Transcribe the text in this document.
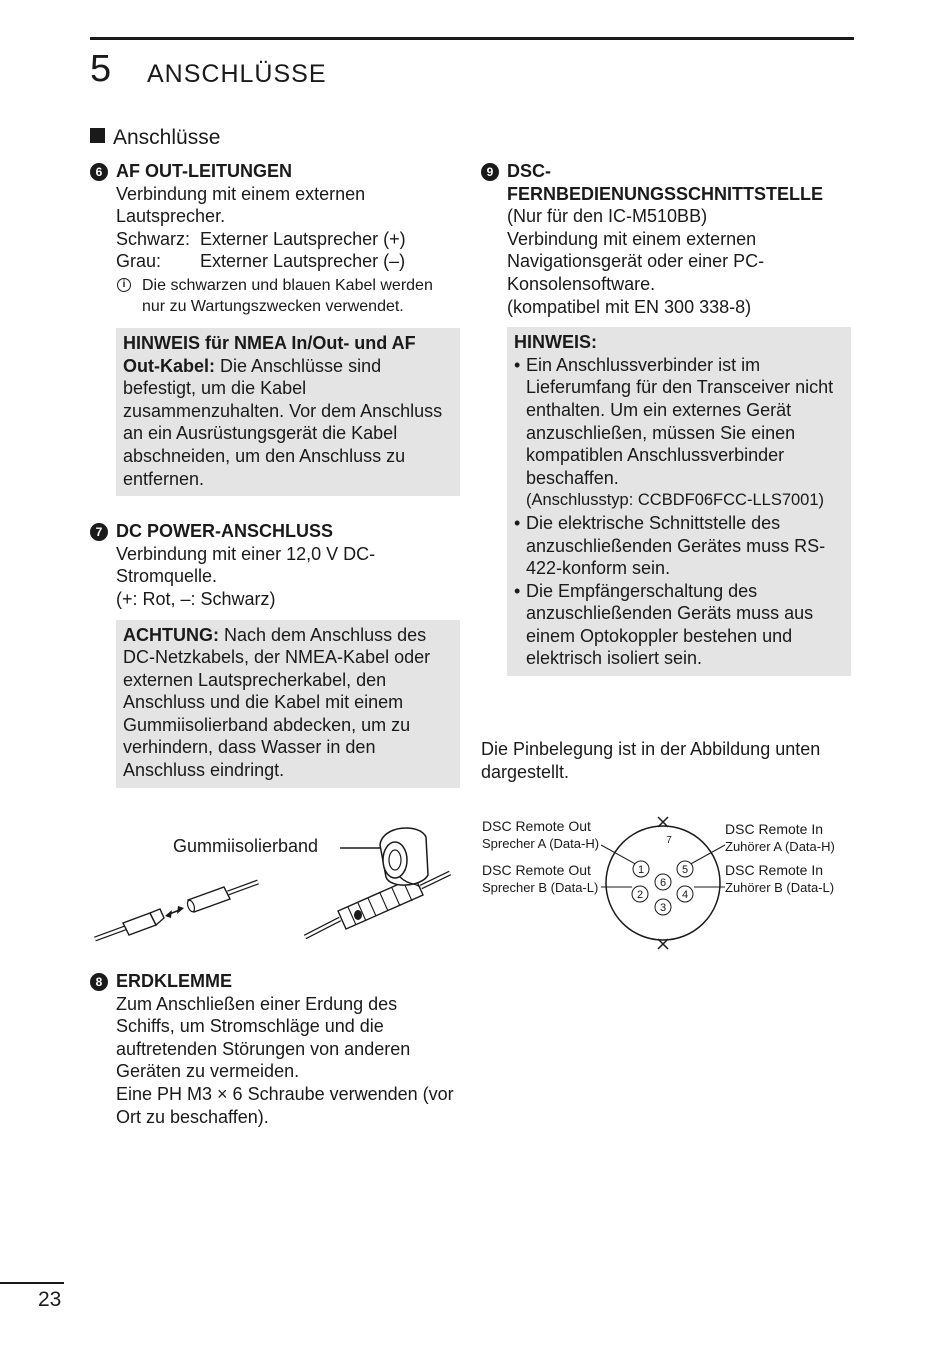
5 ANSCHLÜSSE
Anschlüsse
6 AF OUT-LEITUNGEN
Verbindung mit einem externen Lautsprecher.
Schwarz: Externer Lautsprecher (+)
Grau:	Externer Lautsprecher (–)
i	Die schwarzen und blauen Kabel werden nur zu Wartungszwecken verwendet.
HINWEIS für NMEA In/Out- und AF Out-Kabel: Die Anschlüsse sind befestigt, um die Kabel zusammenzuhalten. Vor dem Anschluss an ein Ausrüstungsgerät die Kabel abschneiden, um den Anschluss zu entfernen.
7 DC POWER-ANSCHLUSS
Verbindung mit einer 12,0 V DC-Stromquelle.
(+: Rot, –: Schwarz)
ACHTUNG: Nach dem Anschluss des DC-Netzkabels, der NMEA-Kabel oder externen Lautsprecherkabel, den Anschluss und die Kabel mit einem Gummiisolierband abdecken, um zu verhindern, dass Wasser in den Anschluss eindringt.
Gummiisolierband
8 ERDKLEMME
Zum Anschließen einer Erdung des Schiffs, um Stromschläge und die auftretenden Störungen von anderen Geräten zu vermeiden.
Eine PH M3 × 6 Schraube verwenden (vor Ort zu beschaffen).
9 DSC-FERNBEDIENUNGSSCHNITTSTELLE
(Nur für den IC-M510BB)
Verbindung mit einem externen Navigationsgerät oder einer PC-Konsolensoftware.
(kompatibel mit EN 300 338-8)
HINWEIS:
• Ein Anschlussverbinder ist im Lieferumfang für den Transceiver nicht enthalten. Um ein externes Gerät anzuschließen, müssen Sie einen kompatiblen Anschlussverbinder beschaffen.
(Anschlusstyp: CCBDF06FCC-LLS7001)
• Die elektrische Schnittstelle des anzuschließenden Gerätes muss RS-422-konform sein.
• Die Empfängerschaltung des anzuschließenden Geräts muss aus einem Optokoppler bestehen und elektrisch isoliert sein.
Die Pinbelegung ist in der Abbildung unten dargestellt.
DSC Remote Out
Sprecher A (Data-H)
DSC Remote Out
Sprecher B (Data-L)
DSC Remote In
Zuhörer A (Data-H)
DSC Remote In
Zuhörer B (Data-L)
1
2
3
4
5
6
7
23
